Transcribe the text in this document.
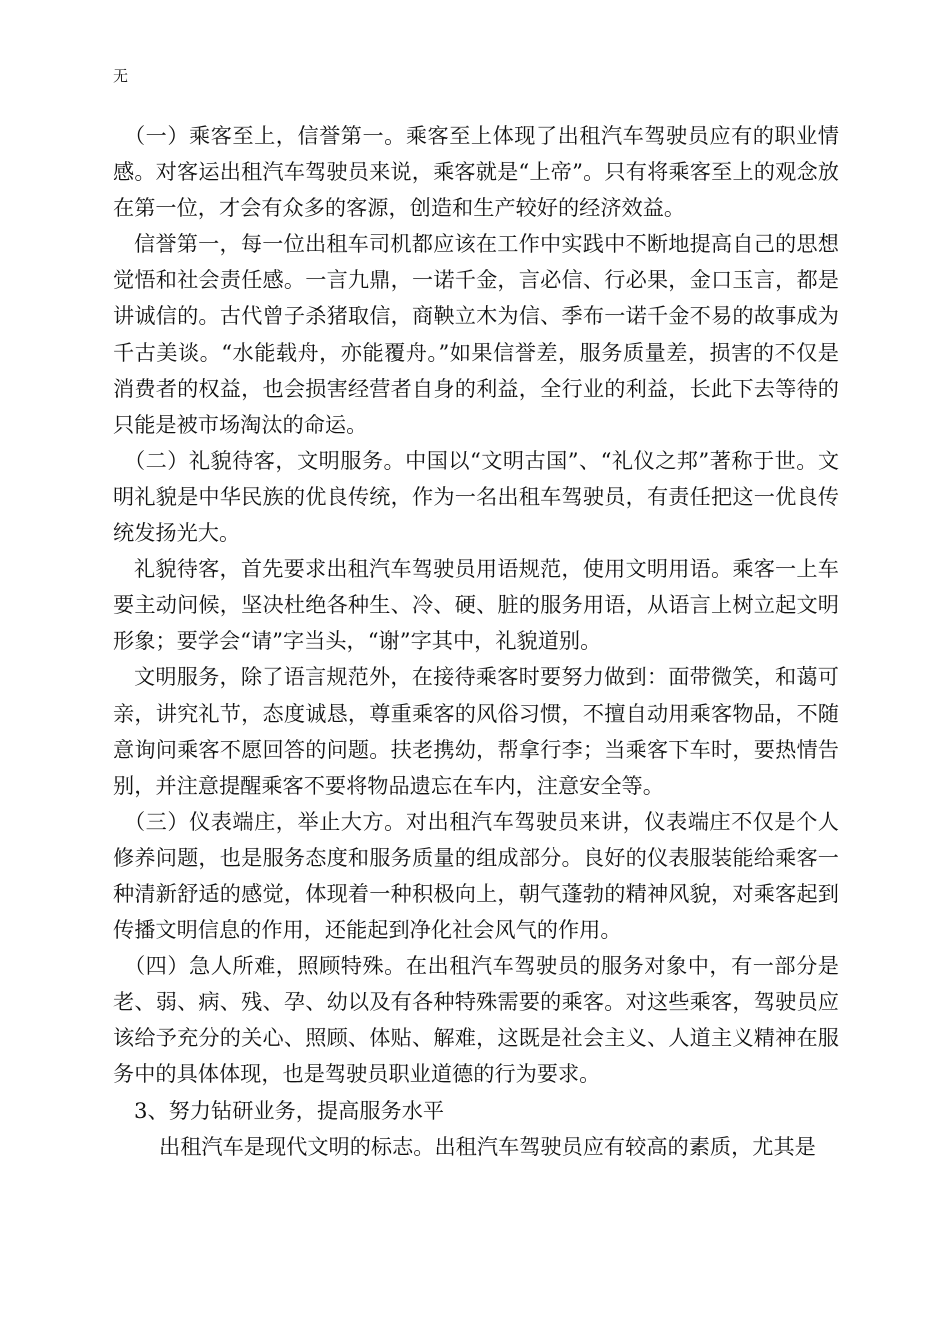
无

（一）乘客至上，信誉第一。乘客至上体现了出租汽车驾驶员应有的职业情感。对客运出租汽车驾驶员来说，乘客就是“上帝”。只有将乘客至上的观念放在第一位，才会有众多的客源，创造和生产较好的经济效益。

信誉第一，每一位出租车司机都应该在工作中实践中不断地提高自己的思想觉悟和社会责任感。一言九鼎，一诺千金，言必信、行必果，金口玉言，都是讲诚信的。古代曾子杀猪取信，商鞅立木为信、季布一诺千金不易的故事成为千古美谈。“水能载舟，亦能覆舟。”如果信誉差，服务质量差，损害的不仅是消费者的权益，也会损害经营者自身的利益，全行业的利益，长此下去等待的只能是被市场淘汰的命运。

（二）礼貌待客，文明服务。中国以“文明古国”、“礼仪之邦”著称于世。文明礼貌是中华民族的优良传统，作为一名出租车驾驶员，有责任把这一优良传统发扬光大。

礼貌待客，首先要求出租汽车驾驶员用语规范，使用文明用语。乘客一上车要主动问候，坚决杜绝各种生、冷、硬、脏的服务用语，从语言上树立起文明形象；要学会“请”字当头，“谢”字其中，礼貌道别。

文明服务，除了语言规范外，在接待乘客时要努力做到：面带微笑，和蔼可亲，讲究礼节，态度诚恳，尊重乘客的风俗习惯，不擅自动用乘客物品，不随意询问乘客不愿回答的问题。扶老携幼，帮拿行李；当乘客下车时，要热情告别，并注意提醒乘客不要将物品遗忘在车内，注意安全等。

（三）仪表端庄，举止大方。对出租汽车驾驶员来讲，仪表端庄不仅是个人修养问题，也是服务态度和服务质量的组成部分。良好的仪表服装能给乘客一种清新舒适的感觉，体现着一种积极向上，朝气蓬勃的精神风貌，对乘客起到传播文明信息的作用，还能起到净化社会风气的作用。

（四）急人所难，照顾特殊。在出租汽车驾驶员的服务对象中，有一部分是老、弱、病、残、孕、幼以及有各种特殊需要的乘客。对这些乘客，驾驶员应该给予充分的关心、照顾、体贴、解难，这既是社会主义、人道主义精神在服务中的具体体现，也是驾驶员职业道德的行为要求。

3、努力钻研业务，提高服务水平

出租汽车是现代文明的标志。出租汽车驾驶员应有较高的素质，尤其是
